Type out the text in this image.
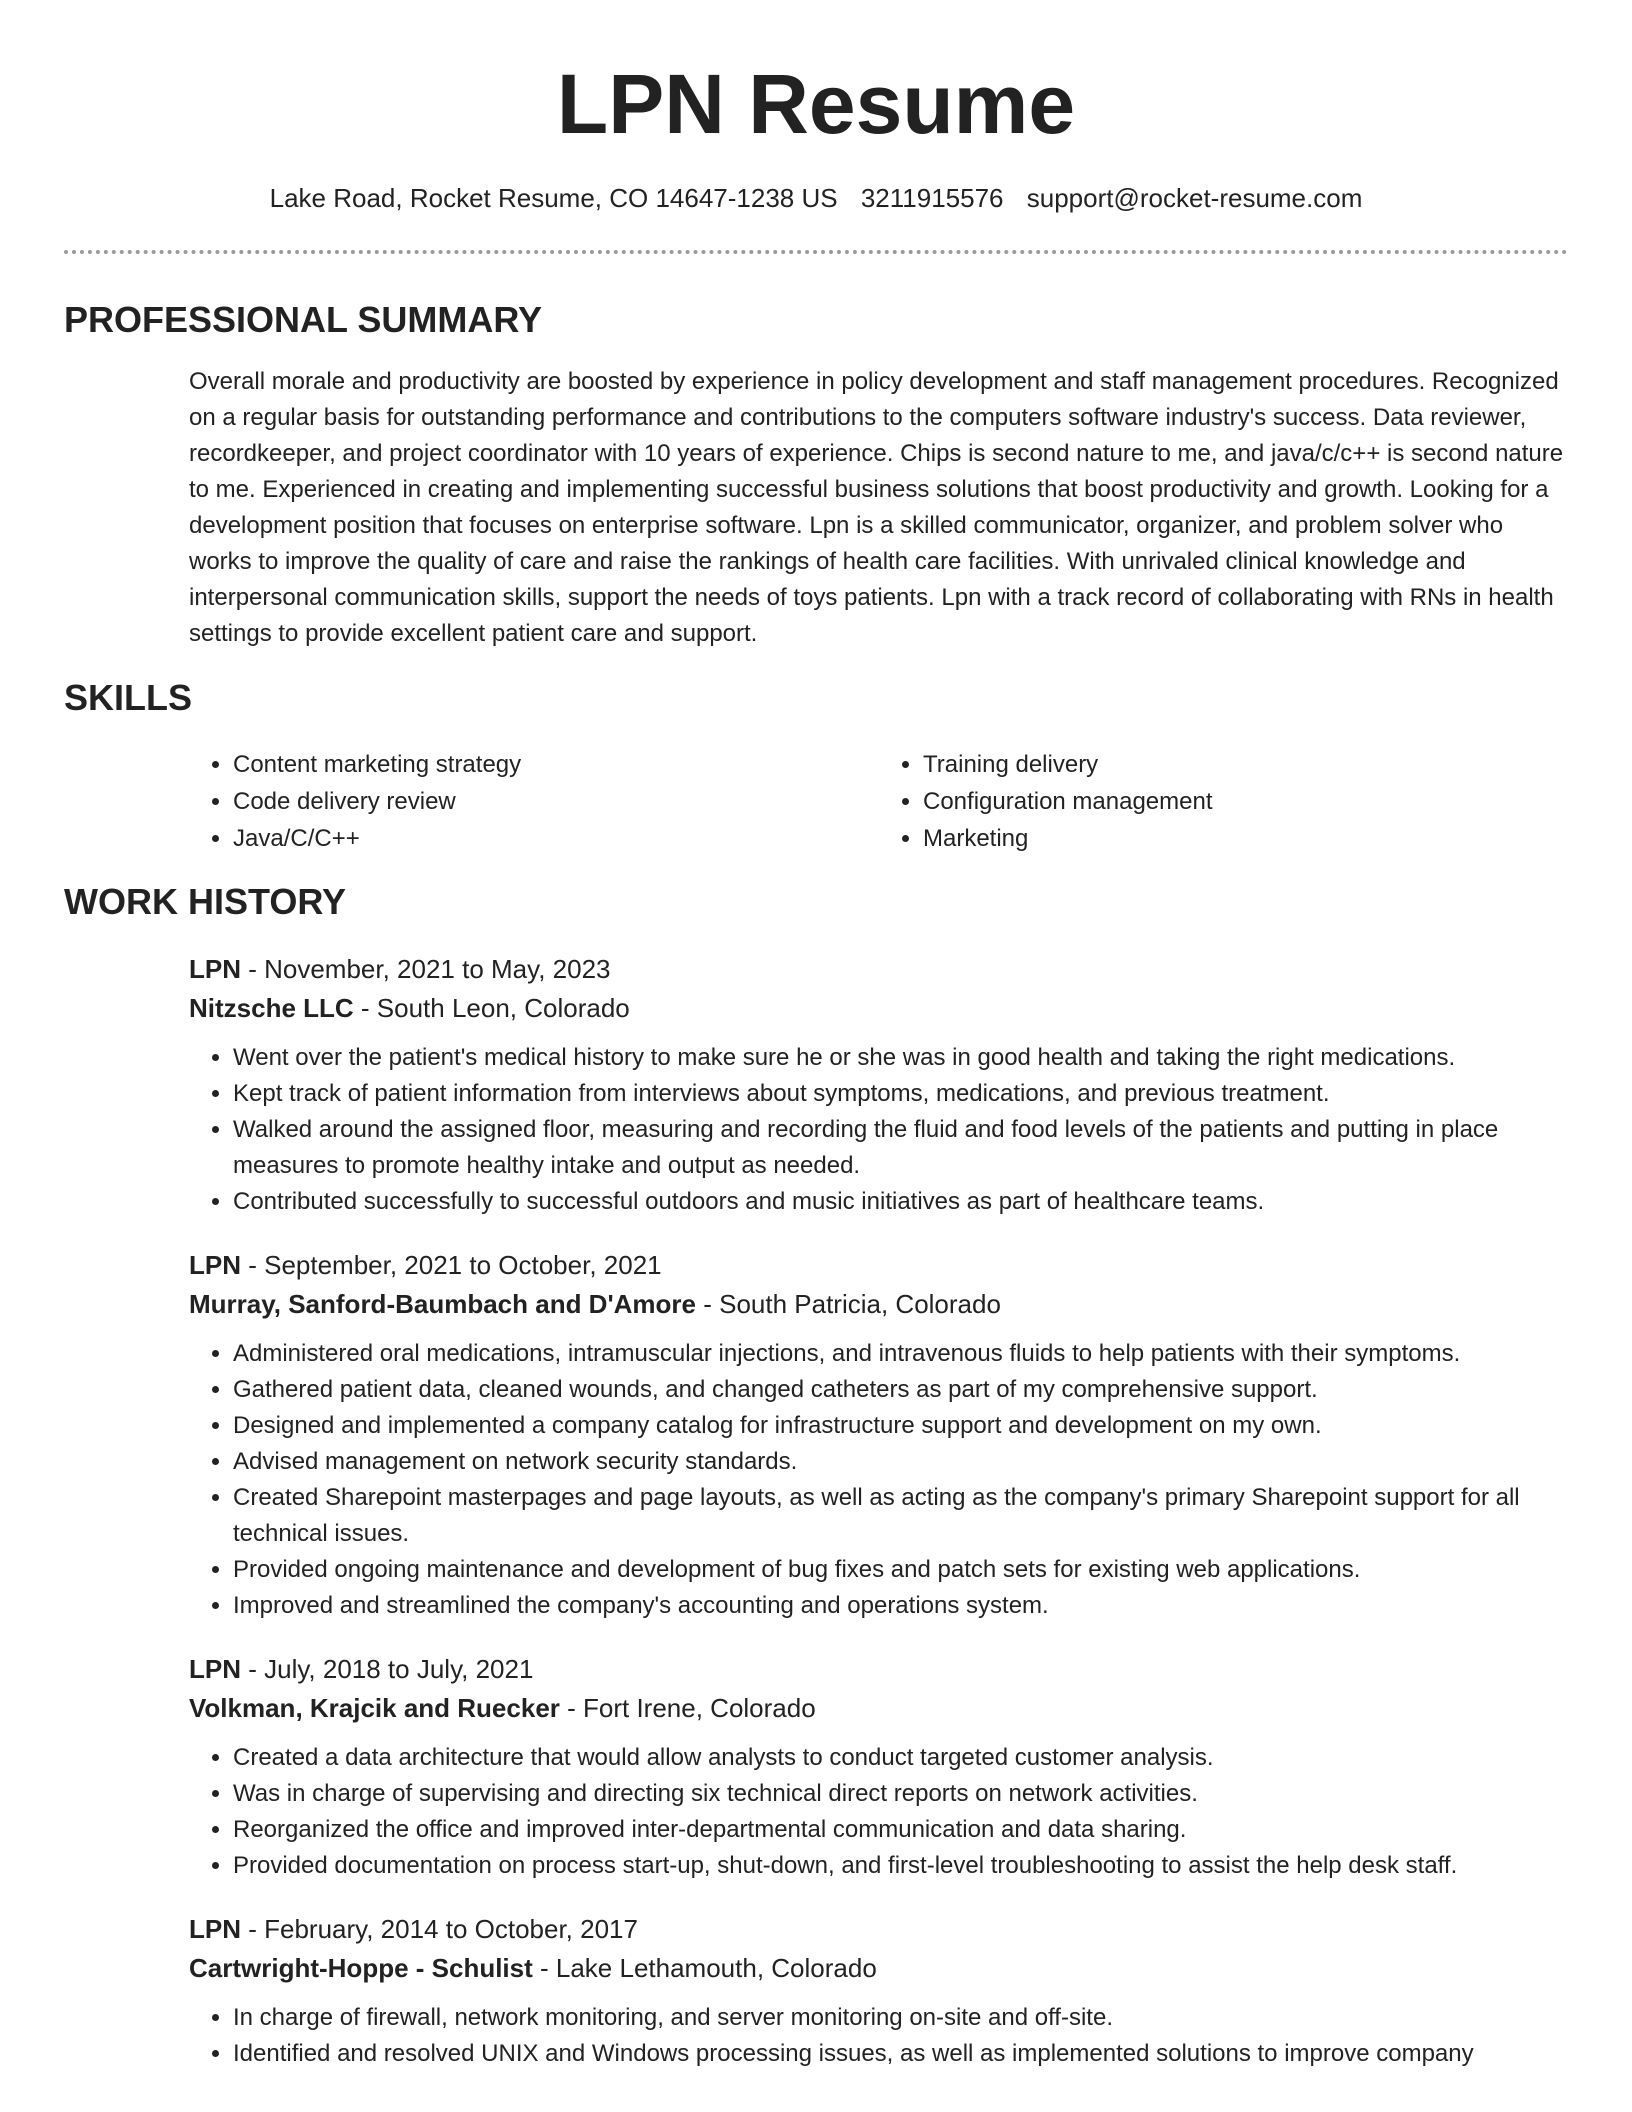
LPN Resume
Lake Road, Rocket Resume, CO 14647-1238 US 3211915576 support@rocket-resume.com
PROFESSIONAL SUMMARY

Overall morale and productivity are boosted by experience in policy development and staff management procedures. Recognized on a regular basis for outstanding performance and contributions to the computers software industry's success. Data reviewer, recordkeeper, and project coordinator with 10 years of experience. Chips is second nature to me, and java/c/c++ is second nature to me. Experienced in creating and implementing successful business solutions that boost productivity and growth. Looking for a development position that focuses on enterprise software. Lpn is a skilled communicator, organizer, and problem solver who works to improve the quality of care and raise the rankings of health care facilities. With unrivaled clinical knowledge and interpersonal communication skills, support the needs of toys patients. Lpn with a track record of collaborating with RNs in health settings to provide excellent patient care and support.

SKILLS
• Content marketing strategy
• Code delivery review
• Java/C/C++
• Training delivery
• Configuration management
• Marketing
WORK HISTORY
LPN - November, 2021 to May, 2023
Nitzsche LLC - South Leon, Colorado
• Went over the patient's medical history to make sure he or she was in good health and taking the right medications.
• Kept track of patient information from interviews about symptoms, medications, and previous treatment.
• Walked around the assigned floor, measuring and recording the fluid and food levels of the patients and putting in place measures to promote healthy intake and output as needed.
• Contributed successfully to successful outdoors and music initiatives as part of healthcare teams.
LPN - September, 2021 to October, 2021
Murray, Sanford-Baumbach and D'Amore - South Patricia, Colorado
• Administered oral medications, intramuscular injections, and intravenous fluids to help patients with their symptoms.
• Gathered patient data, cleaned wounds, and changed catheters as part of my comprehensive support.
• Designed and implemented a company catalog for infrastructure support and development on my own.
• Advised management on network security standards.
• Created Sharepoint masterpages and page layouts, as well as acting as the company's primary Sharepoint support for all technical issues.
• Provided ongoing maintenance and development of bug fixes and patch sets for existing web applications.
• Improved and streamlined the company's accounting and operations system.
LPN - July, 2018 to July, 2021
Volkman, Krajcik and Ruecker - Fort Irene, Colorado
• Created a data architecture that would allow analysts to conduct targeted customer analysis.
• Was in charge of supervising and directing six technical direct reports on network activities.
• Reorganized the office and improved inter-departmental communication and data sharing.
• Provided documentation on process start-up, shut-down, and first-level troubleshooting to assist the help desk staff.
LPN - February, 2014 to October, 2017
Cartwright-Hoppe - Schulist - Lake Lethamouth, Colorado
• In charge of firewall, network monitoring, and server monitoring on-site and off-site.
• Identified and resolved UNIX and Windows processing issues, as well as implemented solutions to improve company
